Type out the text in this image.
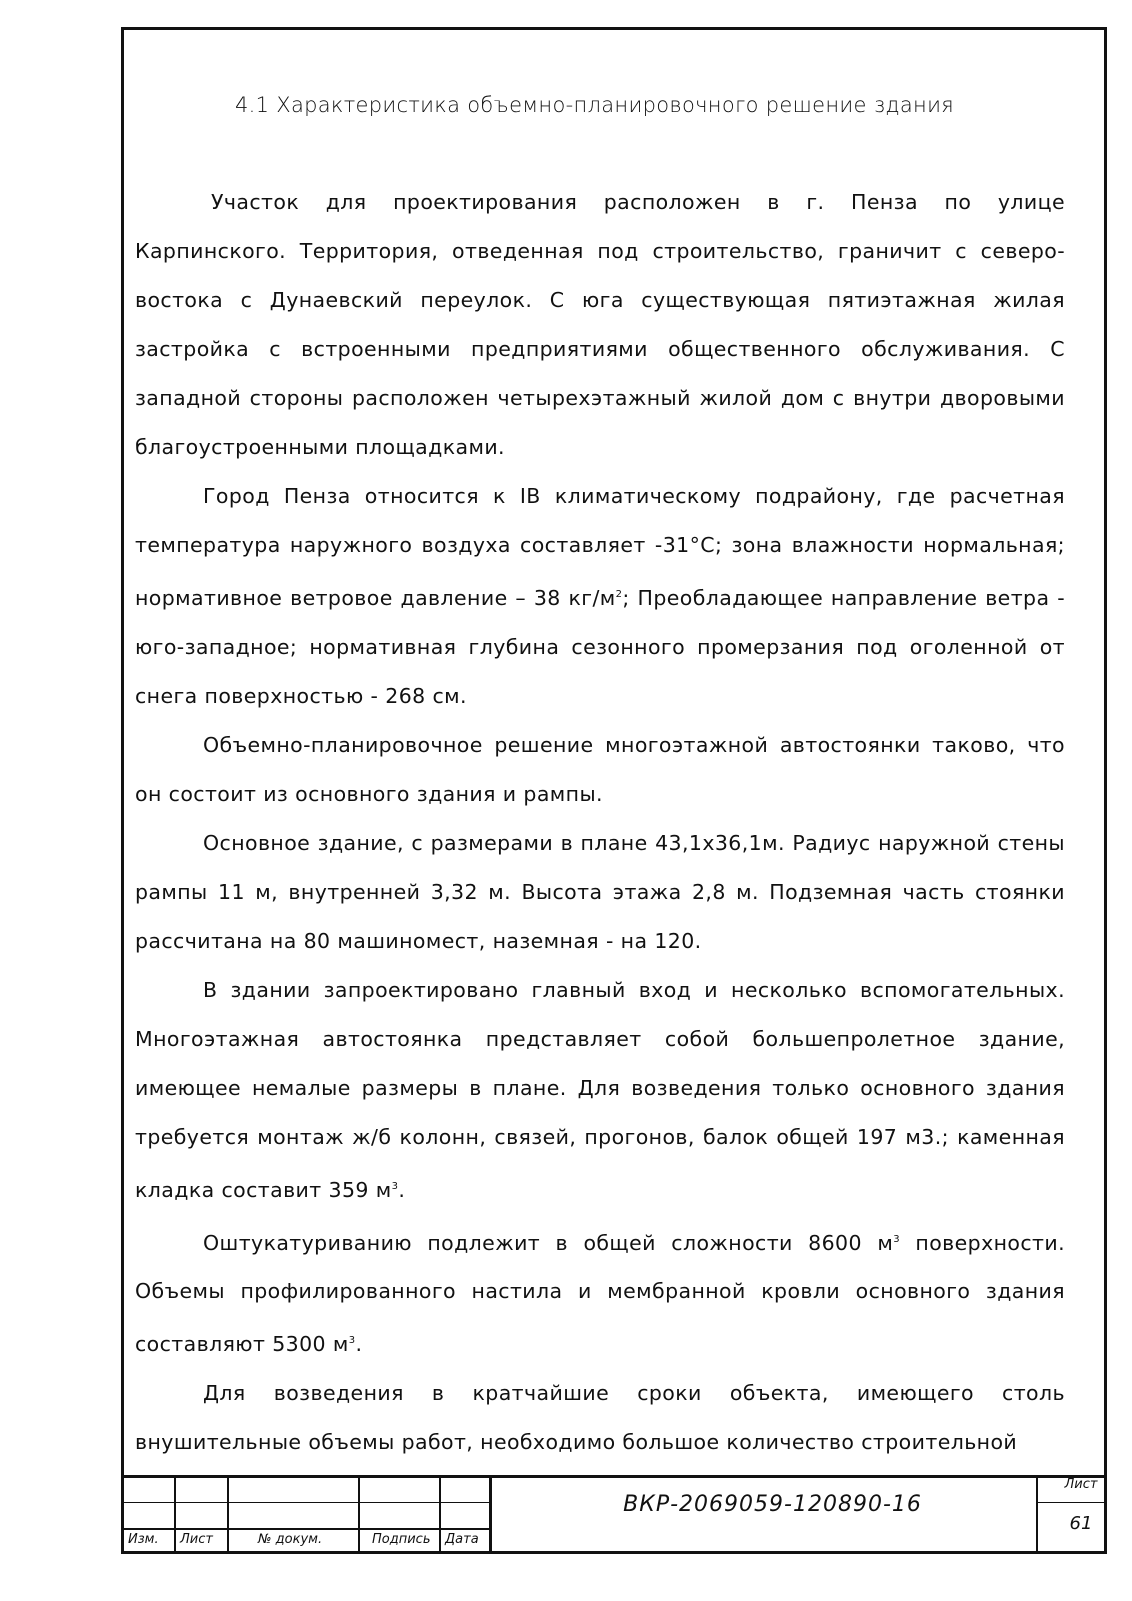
4.1 Характеристика объемно-планировочного решение здания

Участок для проектирования расположен в г. Пенза по улице Карпинского. Территория, отведенная под строительство, граничит с северо-востока с Дунаевский переулок. С юга существующая пятиэтажная жилая застройка с встроенными предприятиями общественного обслуживания. С западной стороны расположен четырехэтажный жилой дом с внутри дворовыми благоустроенными площадками.

Город Пенза относится к IВ климатическому подрайону, где расчетная температура наружного воздуха составляет -31°С; зона влажности нормальная; нормативное ветровое давление – 38 $кг/м^2$; Преобладающее направление ветра - юго-западное; нормативная глубина сезонного промерзания под оголенной от снега поверхностью - 268 см.

Объемно-планировочное решение многоэтажной автостоянки таково, что он состоит из основного здания и рампы.

Основное здание, с размерами в плане 43,1х36,1м. Радиус наружной стены рампы 11 м, внутренней 3,32 м. Высота этажа 2,8 м. Подземная часть стоянки рассчитана на 80 машиномест, наземная - на 120.

В здании запроектировано главный вход и несколько вспомогательных. Многоэтажная автостоянка представляет собой большепролетное здание, имеющее немалые размеры в плане. Для возведения только основного здания требуется монтаж ж/б колонн, связей, прогонов, балок общей 197 м3.; каменная кладка составит 359 $м^3$.

Оштукатуриванию подлежит в общей сложности 8600 $м^3$ поверхности. Объемы профилированного настила и мембранной кровли основного здания составляют 5300 $м^3$.

Для возведения в кратчайшие сроки объекта, имеющего столь внушительные объемы работ, необходимо большое количество строительной

Изм. Лист	№ докум.	Подпись Дата
ВКР-2069059-120890-16
Лист
61
